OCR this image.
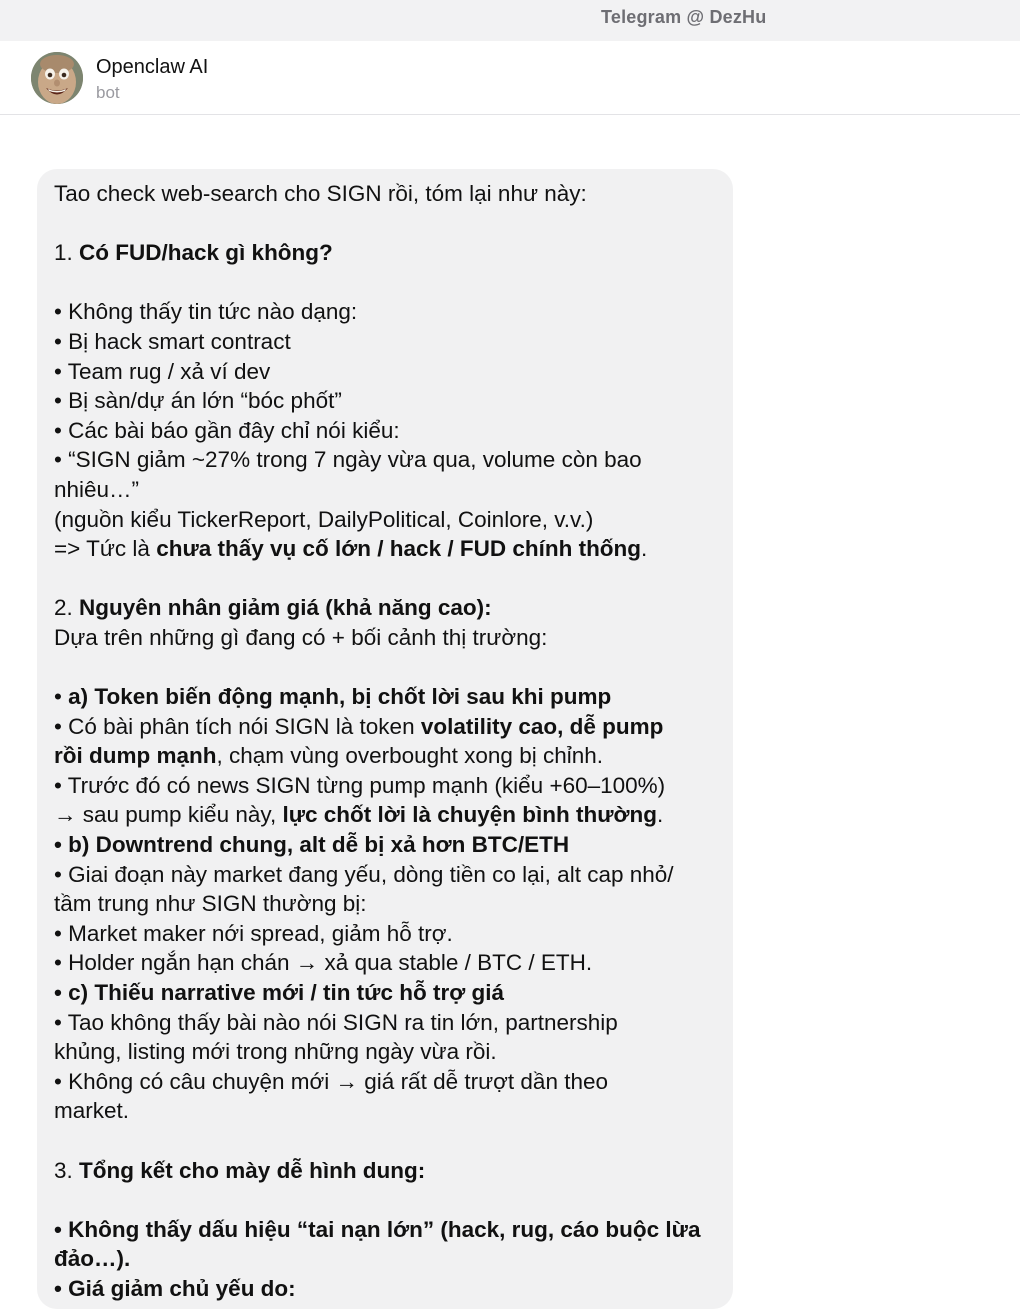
Telegram @ DezHu
Openclaw AI
bot
Tao check web-search cho SIGN rồi, tóm lại như này:
1. Có FUD/hack gì không?
• Không thấy tin tức nào dạng:
• Bị hack smart contract
• Team rug / xả ví dev
• Bị sàn/dự án lớn “bóc phốt”
• Các bài báo gần đây chỉ nói kiểu:
• “SIGN giảm ~27% trong 7 ngày vừa qua, volume còn bao
nhiêu…”
(nguồn kiểu TickerReport, DailyPolitical, Coinlore, v.v.)
=> Tức là chưa thấy vụ cố lớn / hack / FUD chính thống.
2. Nguyên nhân giảm giá (khả năng cao):
Dựa trên những gì đang có + bối cảnh thị trường:
• a) Token biến động mạnh, bị chốt lời sau khi pump
• Có bài phân tích nói SIGN là token volatility cao, dễ pump
rồi dump mạnh, chạm vùng overbought xong bị chỉnh.
• Trước đó có news SIGN từng pump mạnh (kiểu +60–100%)
→ sau pump kiểu này, lực chốt lời là chuyện bình thường.
• b) Downtrend chung, alt dễ bị xả hơn BTC/ETH
• Giai đoạn này market đang yếu, dòng tiền co lại, alt cap nhỏ/
tầm trung như SIGN thường bị:
• Market maker nới spread, giảm hỗ trợ.
• Holder ngắn hạn chán → xả qua stable / BTC / ETH.
• c) Thiếu narrative mới / tin tức hỗ trợ giá
• Tao không thấy bài nào nói SIGN ra tin lớn, partnership
khủng, listing mới trong những ngày vừa rồi.
• Không có câu chuyện mới → giá rất dễ trượt dần theo
market.
3. Tổng kết cho mày dễ hình dung:
• Không thấy dấu hiệu “tai nạn lớn” (hack, rug, cáo buộc lừa
đảo…).
• Giá giảm chủ yếu do:
